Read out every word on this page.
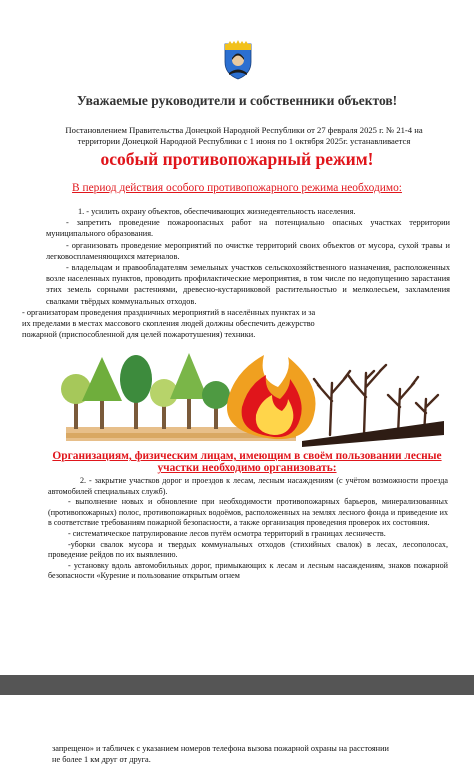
Уважаемые руководители и собственники объектов!
Постановлением Правительства Донецкой Народной Республики от 27 февраля 2025 г. № 21-4 на
территории Донецкой Народной Республики с 1 июня по 1 октября 2025г. устанавливается
особый противопожарный режим!
В период действия особого противопожарного режима необходимо:

1. - усилить охрану объектов, обеспечивающих жизнедеятельность населения.

- запретить проведение пожароопасных работ на потенциально опасных участках территории муниципального образования.

- организовать проведение мероприятий по очистке территорий своих объектов от мусора, сухой травы и легковоспламеняющихся материалов.

- владельцам и правообладателям земельных участков сельскохозяйственного назначения, расположенных возле населенных пунктов, проводить профилактические мероприятия, в том числе по недопущению зарастания этих земель сорными растениями, древесно-кустарниковой растительностью и мелколесьем, захламления свалками твёрдых коммунальных отходов.

- организаторам проведения праздничных мероприятий в населённых пунктах и за

их пределами в местах массового скопления людей должны обеспечить дежурство

пожарной (приспособленной для целей пожаротушения) техники.

Организациям, физическим лицам, имеющим в своём пользовании лесные участки необходимо организовать:

2. - закрытие участков дорог и проездов к лесам, лесным насаждениям (с учётом возможности проезда автомобилей специальных служб).

- выполнение новых и обновление при необходимости противопожарных барьеров, минерализованных (противопожарных) полос, противопожарных водоёмов, расположенных на землях лесного фонда и приведение их в соответствие требованиям пожарной безопасности, а также организация проведения проверок их состояния.

- систематическое патрулирование лесов путём осмотра территорий в границах лесничеств.

-уборки свалок мусора и твердых коммунальных отходов (стихийных свалок) в лесах, лесополосах, проведение рейдов по их выявлению.

- установку вдоль автомобильных дорог, примыкающих к лесам и лесным насаждениям, знаков пожарной безопасности «Курение и пользование открытым огнем

запрещено» и табличек с указанием номеров телефона вызова пожарной охраны на расстоянии

не более 1 км друг от друга.
